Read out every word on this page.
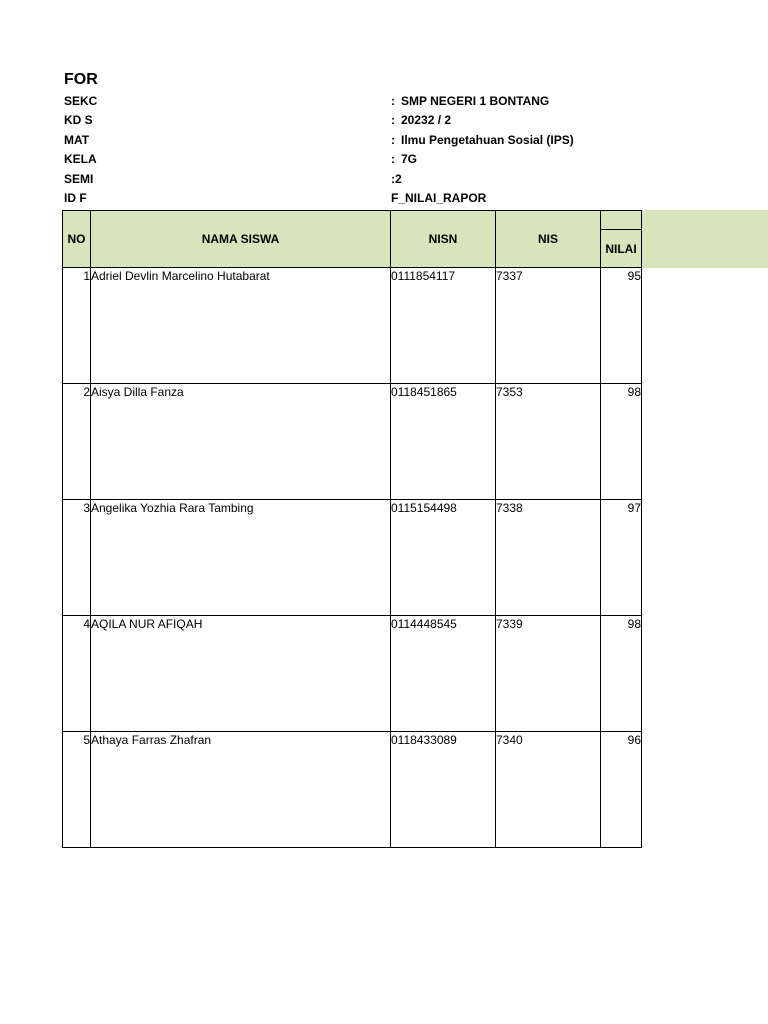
FOR
SEKC	: SMP NEGERI 1 BONTANG
KD S	: 20232 / 2
MAT	: Ilmu Pengetahuan Sosial (IPS)
KELA	: 7G
SEMI	:2
ID F	F_NILAI_RAPOR
NO	NAMA SISWA	NISN	NIS	
				NILAI
1	Adriel Devlin Marcelino Hutabarat	0111854117	7337	95
2	Aisya Dilla Fanza	0118451865	7353	98
3	Angelika Yozhia Rara Tambing	0115154498	7338	97
4	AQILA NUR AFIQAH	0114448545	7339	98
5	Athaya Farras Zhafran	0118433089	7340	96
